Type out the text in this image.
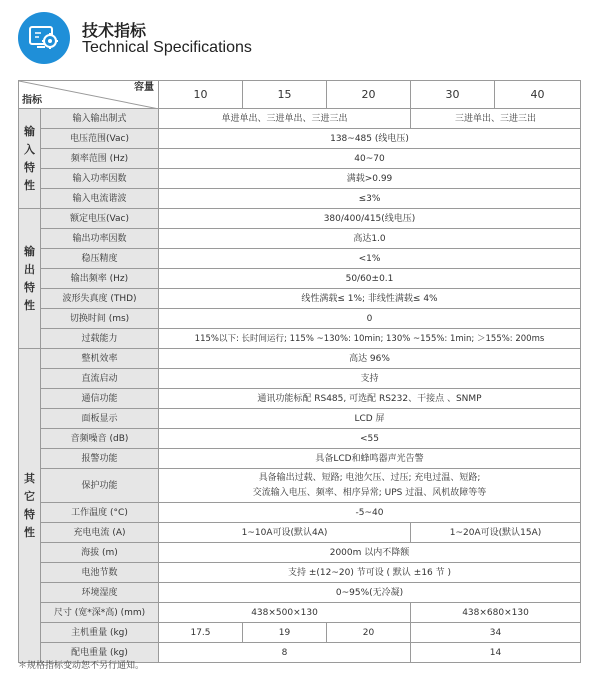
技术指标
Technical Specifications
容量
指标		10	15	20	30	40
输入特性	输入输出制式	单进单出、三进单出、三进三出			三进单出、三进三出	
	电压范围(Vac)	138~485 (线电压)				
	频率范围 (Hz)	40~70				
	输入功率因数	满载>0.99				
	输入电流谐波	≤3%				
输出特性	额定电压(Vac)	380/400/415(线电压)				
	输出功率因数	高达1.0				
	稳压精度	<1%				
	输出频率 (Hz)	50/60±0.1				
	波形失真度 (THD)	线性满载≤ 1%; 非线性满载≤ 4%				
	切换时间 (ms)	0				
	过载能力	115%以下: 长时间运行; 115% ~130%: 10min; 130% ~155%: 1min; ＞155%: 200ms				
其它特性	整机效率	高达 96%				
	直流启动	支持				
	通信功能	通讯功能标配 RS485, 可选配 RS232、干接点 、SNMP				
	面板显示	LCD 屏				
	音频噪音 (dB)	<55				
	报警功能	具备LCD和蜂鸣器声光告警				
	保护功能	具备输出过载、短路; 电池欠压、过压; 充电过温、短路;
交流输入电压、频率、相序异常; UPS 过温、风机故障等等				

	工作温度 (°C)	-5~40				
	充电电流 (A)	1~10A可设(默认4A)			1~20A可设(默认15A)	
	海拔 (m)	2000m 以内不降额				
	电池节数	支持 ±(12~20) 节可设 ( 默认 ±16 节 )				
	环境湿度	0~95%(无冷凝)				
	尺寸 (宽*深*高) (mm)	438×500×130			438×680×130	
	主机重量 (kg)	17.5	19	20	34	
	配电重量 (kg)	8			14	
＊规格指标变动恕不另行通知。
